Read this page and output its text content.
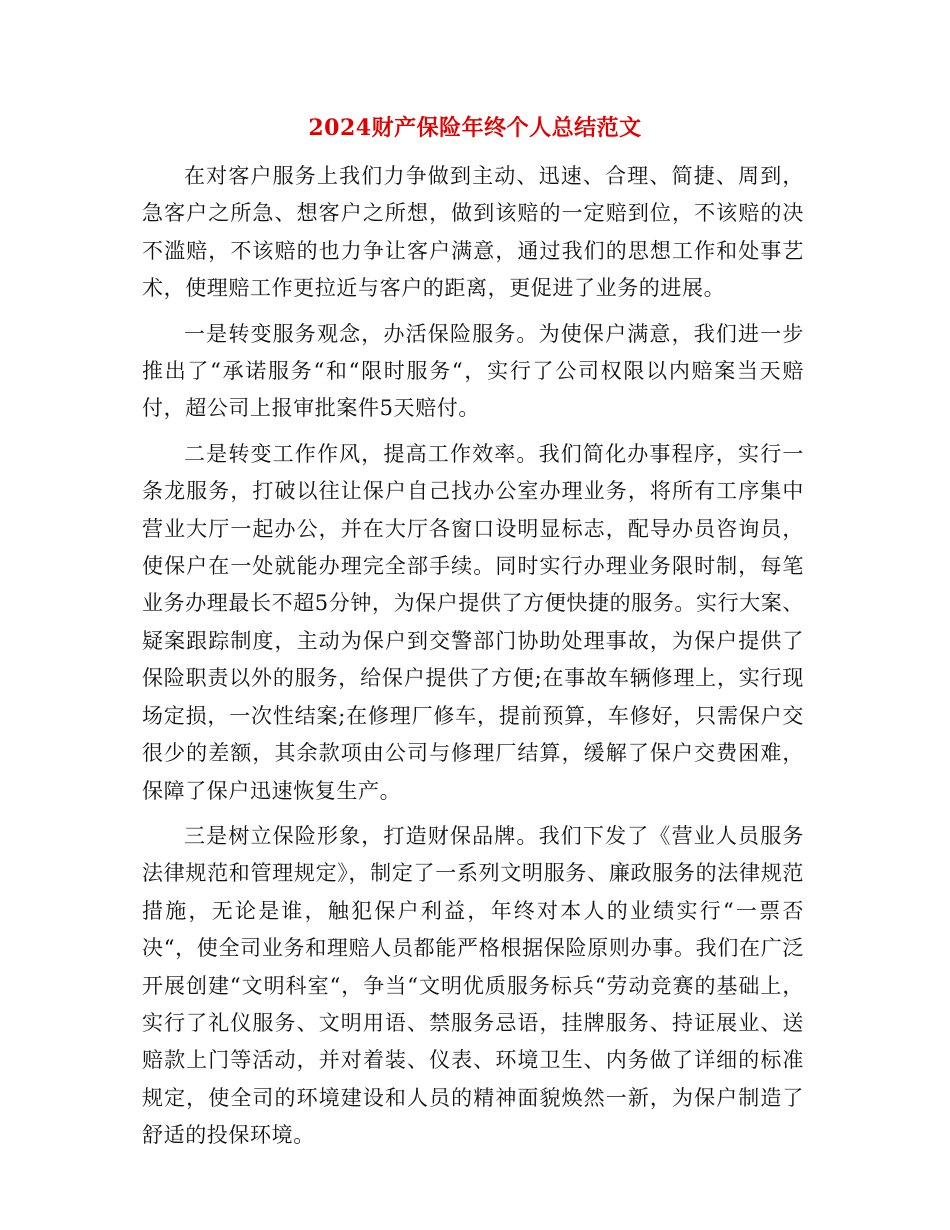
2024财产保险年终个人总结范文

在对客户服务上我们力争做到主动、迅速、合理、简捷、周到，急客户之所急、想客户之所想，做到该赔的一定赔到位，不该赔的决不滥赔，不该赔的也力争让客户满意，通过我们的思想工作和处事艺术，使理赔工作更拉近与客户的距离，更促进了业务的进展。

一是转变服务观念，办活保险服务。为使保户满意，我们进一步推出了“承诺服务“和“限时服务“，实行了公司权限以内赔案当天赔付，超公司上报审批案件5天赔付。

二是转变工作作风，提高工作效率。我们简化办事程序，实行一条龙服务，打破以往让保户自己找办公室办理业务，将所有工序集中营业大厅一起办公，并在大厅各窗口设明显标志，配导办员咨询员，使保户在一处就能办理完全部手续。同时实行办理业务限时制，每笔业务办理最长不超5分钟，为保户提供了方便快捷的服务。实行大案、疑案跟踪制度，主动为保户到交警部门协助处理事故，为保户提供了保险职责以外的服务，给保户提供了方便;在事故车辆修理上，实行现场定损，一次性结案;在修理厂修车，提前预算，车修好，只需保户交很少的差额，其余款项由公司与修理厂结算，缓解了保户交费困难，保障了保户迅速恢复生产。

三是树立保险形象，打造财保品牌。我们下发了《营业人员服务法律规范和管理规定》，制定了一系列文明服务、廉政服务的法律规范措施，无论是谁，触犯保户利益，年终对本人的业绩实行“一票否决“，使全司业务和理赔人员都能严格根据保险原则办事。我们在广泛开展创建“文明科室“，争当“文明优质服务标兵“劳动竞赛的基础上，实行了礼仪服务、文明用语、禁服务忌语，挂牌服务、持证展业、送赔款上门等活动，并对着装、仪表、环境卫生、内务做了详细的标准规定，使全司的环境建设和人员的精神面貌焕然一新，为保户制造了舒适的投保环境。
